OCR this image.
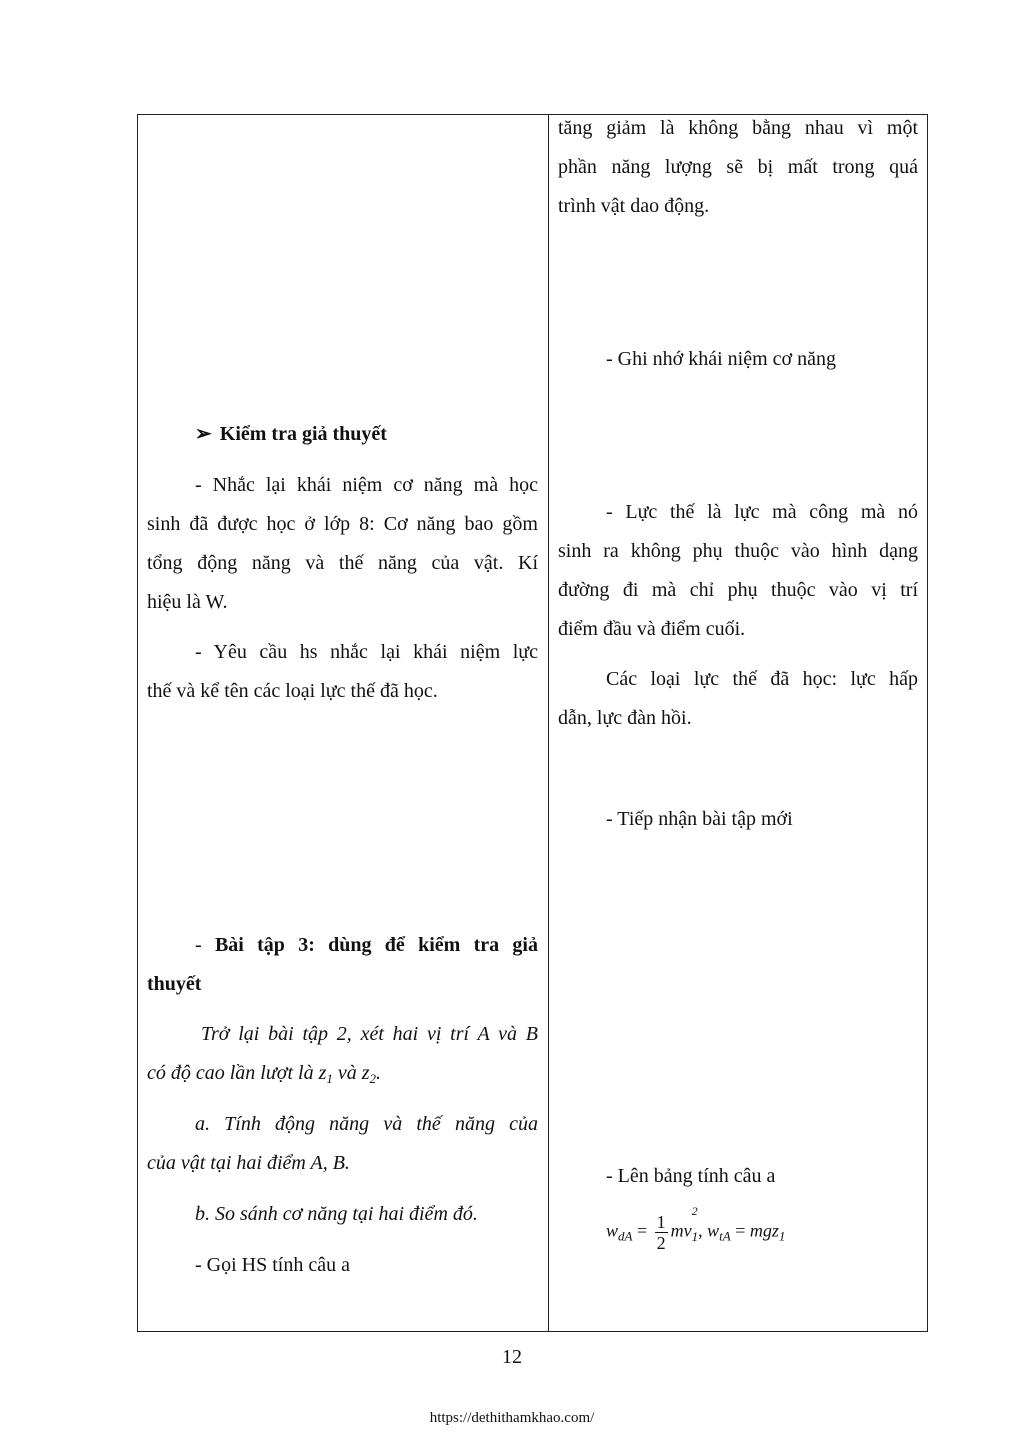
➢ Kiểm tra giả thuyết
- Nhắc lại khái niệm cơ năng mà học
sinh đã được học ở lớp 8: Cơ năng bao gồm
tổng động năng và thế năng của vật. Kí
hiệu là W.
- Yêu cầu hs nhắc lại khái niệm lực
thế và kể tên các loại lực thế đã học.
- Bài tập 3: dùng để kiểm tra giả
thuyết
Trở lại bài tập 2, xét hai vị trí A và B
có độ cao lần lượt là $z_1$ và $z_2$.
a. Tính động năng và thế năng của
của vật tại hai điểm A, B.
b. So sánh cơ năng tại hai điểm đó.
- Gọi HS tính câu a
tăng giảm là không bằng nhau vì một
phần năng lượng sẽ bị mất trong quá
trình vật dao động.
- Ghi nhớ khái niệm cơ năng
- Lực thế là lực mà công mà nó
sinh ra không phụ thuộc vào hình dạng
đường đi mà chỉ phụ thuộc vào vị trí
điểm đầu và điểm cuối.
Các loại lực thế đã học: lực hấp
dẫn, lực đàn hồi.
- Tiếp nhận bài tập mới
- Lên bảng tính câu a
$w_{dA} = \frac{1}{2}$ mv
$_{2 1}$, $w_{tA} = mgz_1$
12
https://dethithamkhao.com/
